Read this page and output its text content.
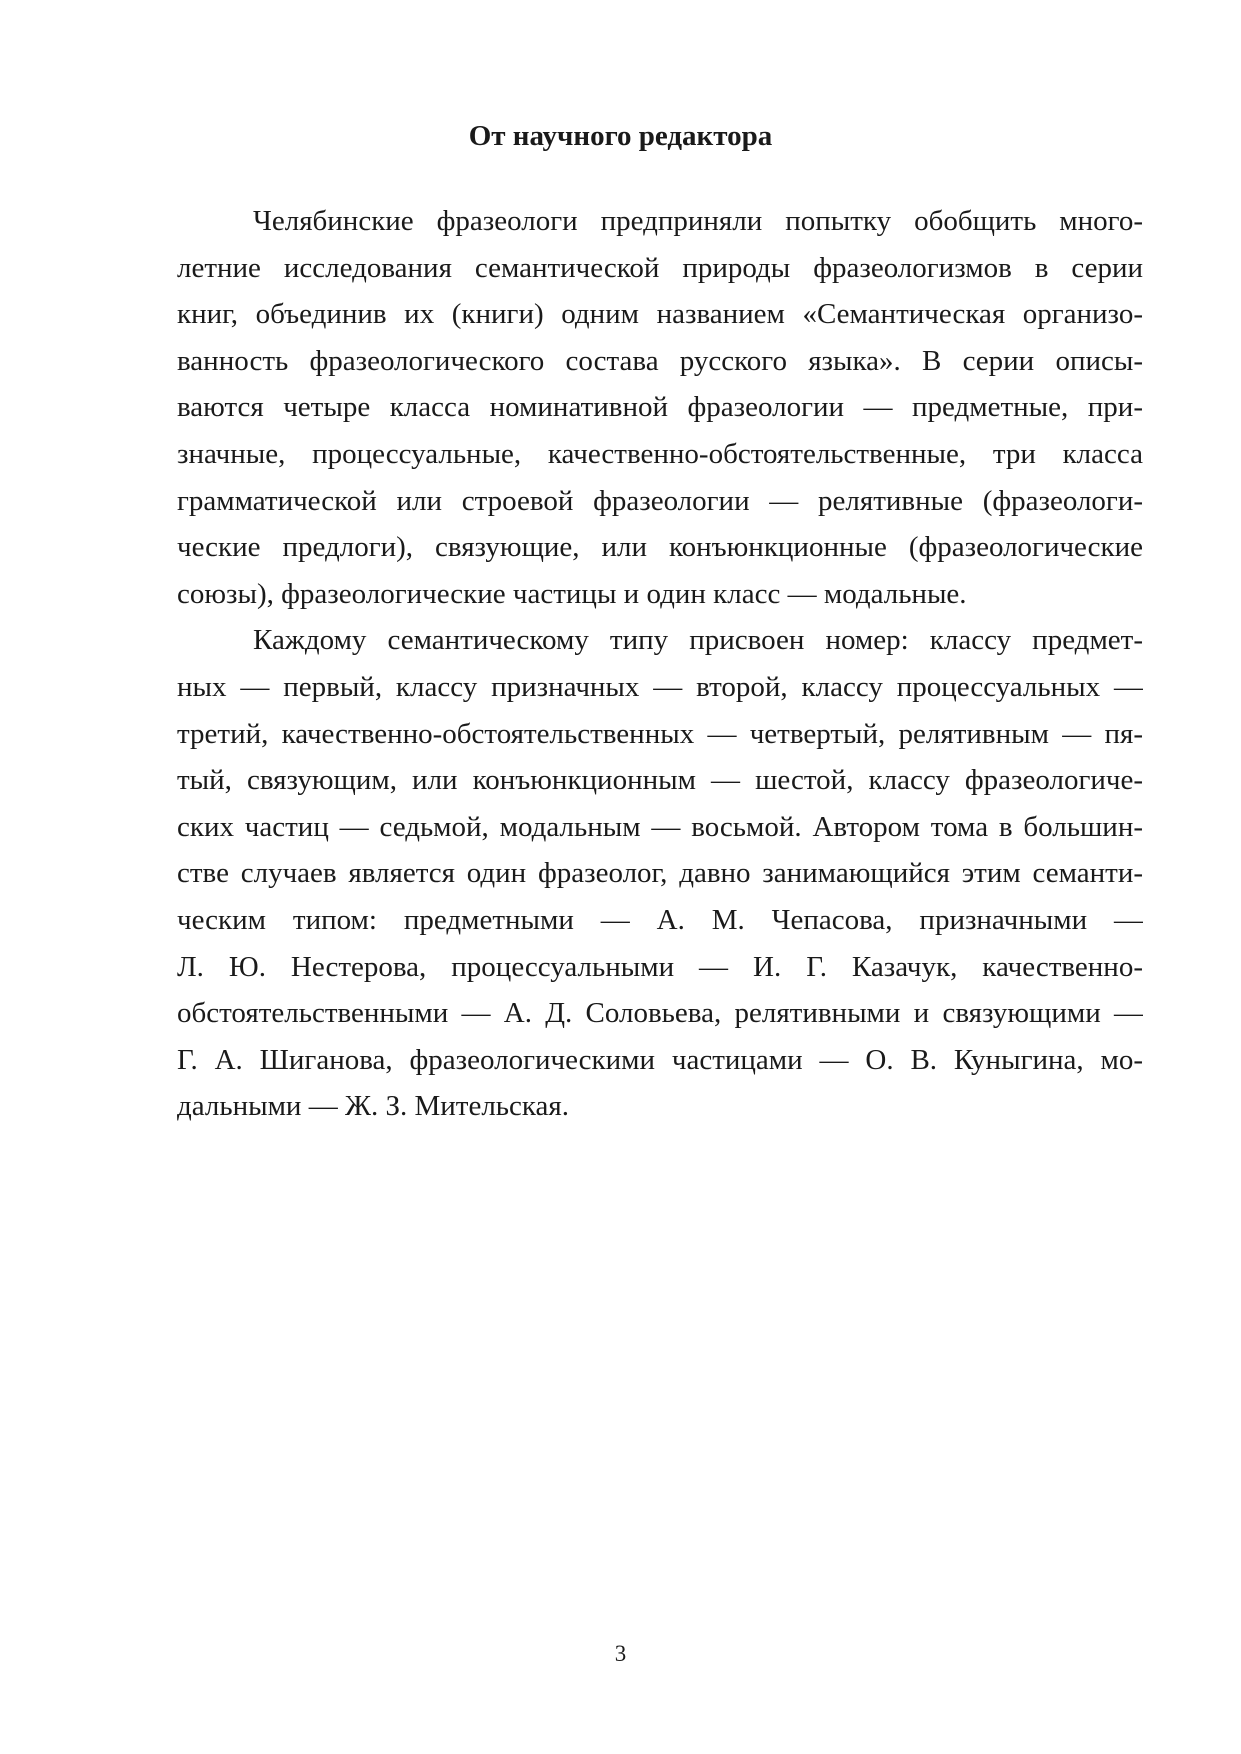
От научного редактора
Челябинские фразеологи предприняли попытку обобщить много-
летние исследования семантической природы фразеологизмов в серии
книг, объединив их (книги) одним названием «Семантическая организо-
ванность фразеологического состава русского языка». В серии описы-
ваются четыре класса номинативной фразеологии — предметные, при-
значные, процессуальные, качественно-обстоятельственные, три класса
грамматической или строевой фразеологии — релятивные (фразеологи-
ческие предлоги), связующие, или конъюнкционные (фразеологические
союзы), фразеологические частицы и один класс — модальные.
Каждому семантическому типу присвоен номер: классу предмет-
ных — первый, классу призначных — второй, классу процессуальных —
третий, качественно-обстоятельственных — четвертый, релятивным — пя-
тый, связующим, или конъюнкционным — шестой, классу фразеологиче-
ских частиц — седьмой, модальным — восьмой. Автором тома в большин-
стве случаев является один фразеолог, давно занимающийся этим семанти-
ческим типом: предметными — А. М. Чепасова, призначными —
Л. Ю. Нестерова, процессуальными — И. Г. Казачук, качественно-
обстоятельственными — А. Д. Соловьева, релятивными и связующими —
Г. А. Шиганова, фразеологическими частицами — О. В. Куныгина, мо-
дальными — Ж. З. Мительская.
3
